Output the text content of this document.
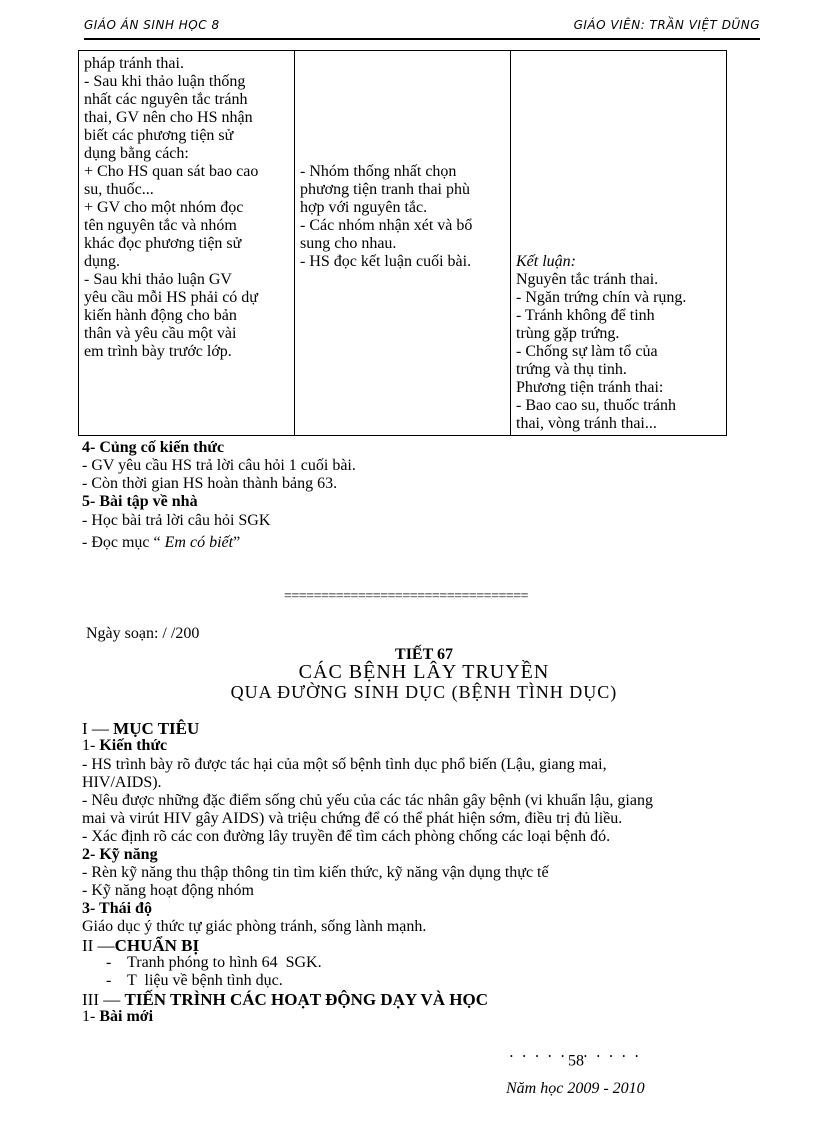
GIÁO ÁN SINH HỌC 8	GIÁO VIÊN: TRẦN VIỆT DŨNG
pháp tránh thai.
- Sau khi thảo luận thống
nhất các nguyên tắc tránh
thai, GV nên cho HS nhận
biết các phương tiện sử
dụng bằng cách:
+ Cho HS quan sát bao cao
su, thuốc...
+ GV cho một nhóm đọc
tên nguyên tắc và nhóm
khác đọc phương tiện sử
dụng.
- Sau khi thảo luận GV
yêu cầu mỗi HS phải có dự
kiến hành động cho bản
thân và yêu cầu một vài
em trình bày trước lớp.
- Nhóm thống nhất chọn
phương tiện tranh thai phù
hợp với nguyên tắc.
- Các nhóm nhận xét và bổ
sung cho nhau.
- HS đọc kết luận cuối bài.	Kết luận:
Nguyên tắc tránh thai.
- Ngăn trứng chín và rụng.
- Tránh không để tinh
trùng gặp trứng.
- Chống sự làm tổ của
trứng và thụ tinh.
Phương tiện tránh thai:
- Bao cao su, thuốc tránh
thai, vòng tránh thai...
4- Củng cố kiến thức
- GV yêu cầu HS trả lời câu hỏi 1 cuối bài.
- Còn thời gian HS hoàn thành bảng 63.
5- Bài tập về nhà
- Học bài trả lời câu hỏi SGK
- Đọc mục “ Em có biết”
=================================
Ngày soạn: / /200
TIẾT 67
CÁC BỆNH LÂY TRUYỀN
QUA ĐƯỜNG SINH DỤC (BỆNH TÌNH DỤC)
I — MỤC TIÊU
1- Kiến thức
- HS trình bày rõ được tác hại của một số bệnh tình dục phổ biến (Lậu, giang mai,
HIV/AIDS).
- Nêu được những đặc điểm sống chủ yếu của các tác nhân gây bệnh (vi khuẩn lậu, giang
mai và virút HIV gây AIDS) và triệu chứng để có thể phát hiện sớm, điều trị đủ liều.
- Xác định rõ các con đường lây truyền để tìm cách phòng chống các loại bệnh đó.
2- Kỹ năng
- Rèn kỹ năng thu thập thông tin tìm kiến thức, kỹ năng vận dụng thực tế
- Kỹ năng hoạt động nhóm
3- Thái độ
Giáo dục ý thức tự giác phòng tránh, sống lành mạnh.
II —CHUẨN BỊ
-    Tranh phóng to hình 64  SGK.
-    T  liệu về bệnh tình dục.
III — TIẾN TRÌNH CÁC HOẠT ĐỘNG DẠY VÀ HỌC
1- Bài mới
• • • • •58• • • • •
Năm học 2009 - 2010
